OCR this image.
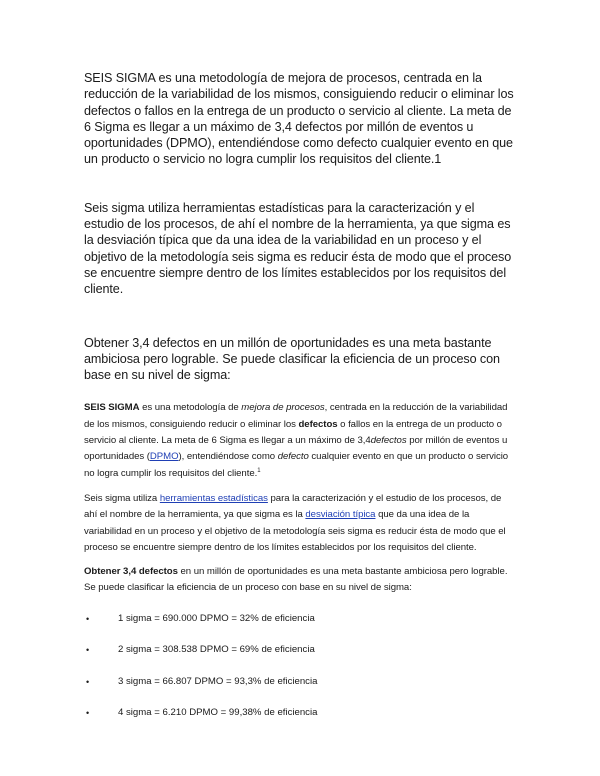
SEIS SIGMA es una metodología de mejora de procesos, centrada en la reducción de la variabilidad de los mismos, consiguiendo reducir o eliminar los defectos o fallos en la entrega de un producto o servicio al cliente. La meta de 6 Sigma es llegar a un máximo de 3,4 defectos por millón de eventos u oportunidades (DPMO), entendiéndose como defecto cualquier evento en que un producto o servicio no logra cumplir los requisitos del cliente.1

Seis sigma utiliza herramientas estadísticas para la caracterización y el estudio de los procesos, de ahí el nombre de la herramienta, ya que sigma es la desviación típica que da una idea de la variabilidad en un proceso y el objetivo de la metodología seis sigma es reducir ésta de modo que el proceso se encuentre siempre dentro de los límites establecidos por los requisitos del cliente.

Obtener 3,4 defectos en un millón de oportunidades es una meta bastante ambiciosa pero lograble. Se puede clasificar la eficiencia de un proceso con base en su nivel de sigma:

SEIS SIGMA es una metodología de mejora de procesos, centrada en la reducción de la variabilidad de los mismos, consiguiendo reducir o eliminar los defectos o fallos en la entrega de un producto o servicio al cliente. La meta de 6 Sigma es llegar a un máximo de 3,4defectos por millón de eventos u oportunidades (DPMO), entendiéndose como defecto cualquier evento en que un producto o servicio no logra cumplir los requisitos del cliente.$^1$

Seis sigma utiliza herramientas estadísticas para la caracterización y el estudio de los procesos, de ahí el nombre de la herramienta, ya que sigma es la desviación típica que da una idea de la variabilidad en un proceso y el objetivo de la metodología seis sigma es reducir ésta de modo que el proceso se encuentre siempre dentro de los límites establecidos por los requisitos del cliente.

Obtener 3,4 defectos en un millón de oportunidades es una meta bastante ambiciosa pero lograble. Se puede clasificar la eficiencia de un proceso con base en su nivel de sigma:

•	1 sigma = 690.000 DPMO = 32% de eficiencia
•	2 sigma = 308.538 DPMO = 69% de eficiencia
•	3 sigma = 66.807 DPMO = 93,3% de eficiencia
•	4 sigma = 6.210 DPMO = 99,38% de eficiencia
